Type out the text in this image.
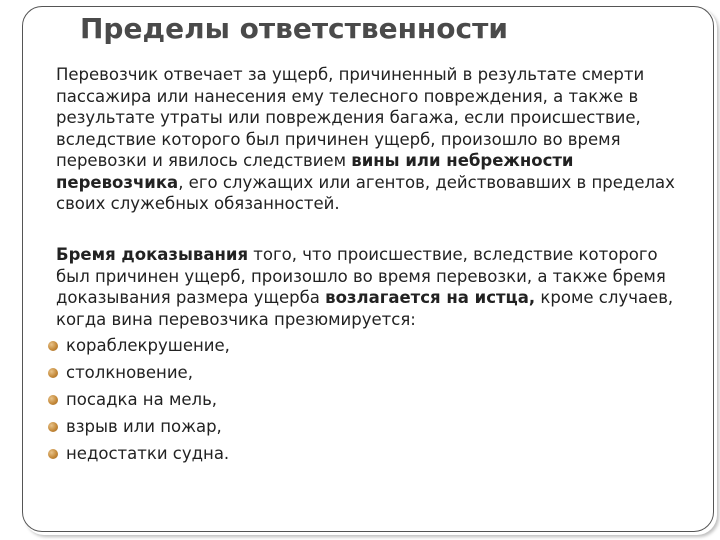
Пределы ответственности
Перевозчик отвечает за ущерб, причиненный в результате смерти пассажира или нанесения ему телесного повреждения, а также в результате утраты или повреждения багажа, если происшествие, вследствие которого был причинен ущерб, произошло во время перевозки и явилось следствием вины или небрежности перевозчика, его служащих или агентов, действовавших в пределах своих служебных обязанностей.
Бремя доказывания того, что происшествие, вследствие которого был причинен ущерб, произошло во время перевозки, а также бремя доказывания размера ущерба возлагается на истца, кроме случаев, когда вина перевозчика презюмируется:
кораблекрушение,
столкновение,
посадка на мель,
взрыв или пожар,
недостатки судна.
